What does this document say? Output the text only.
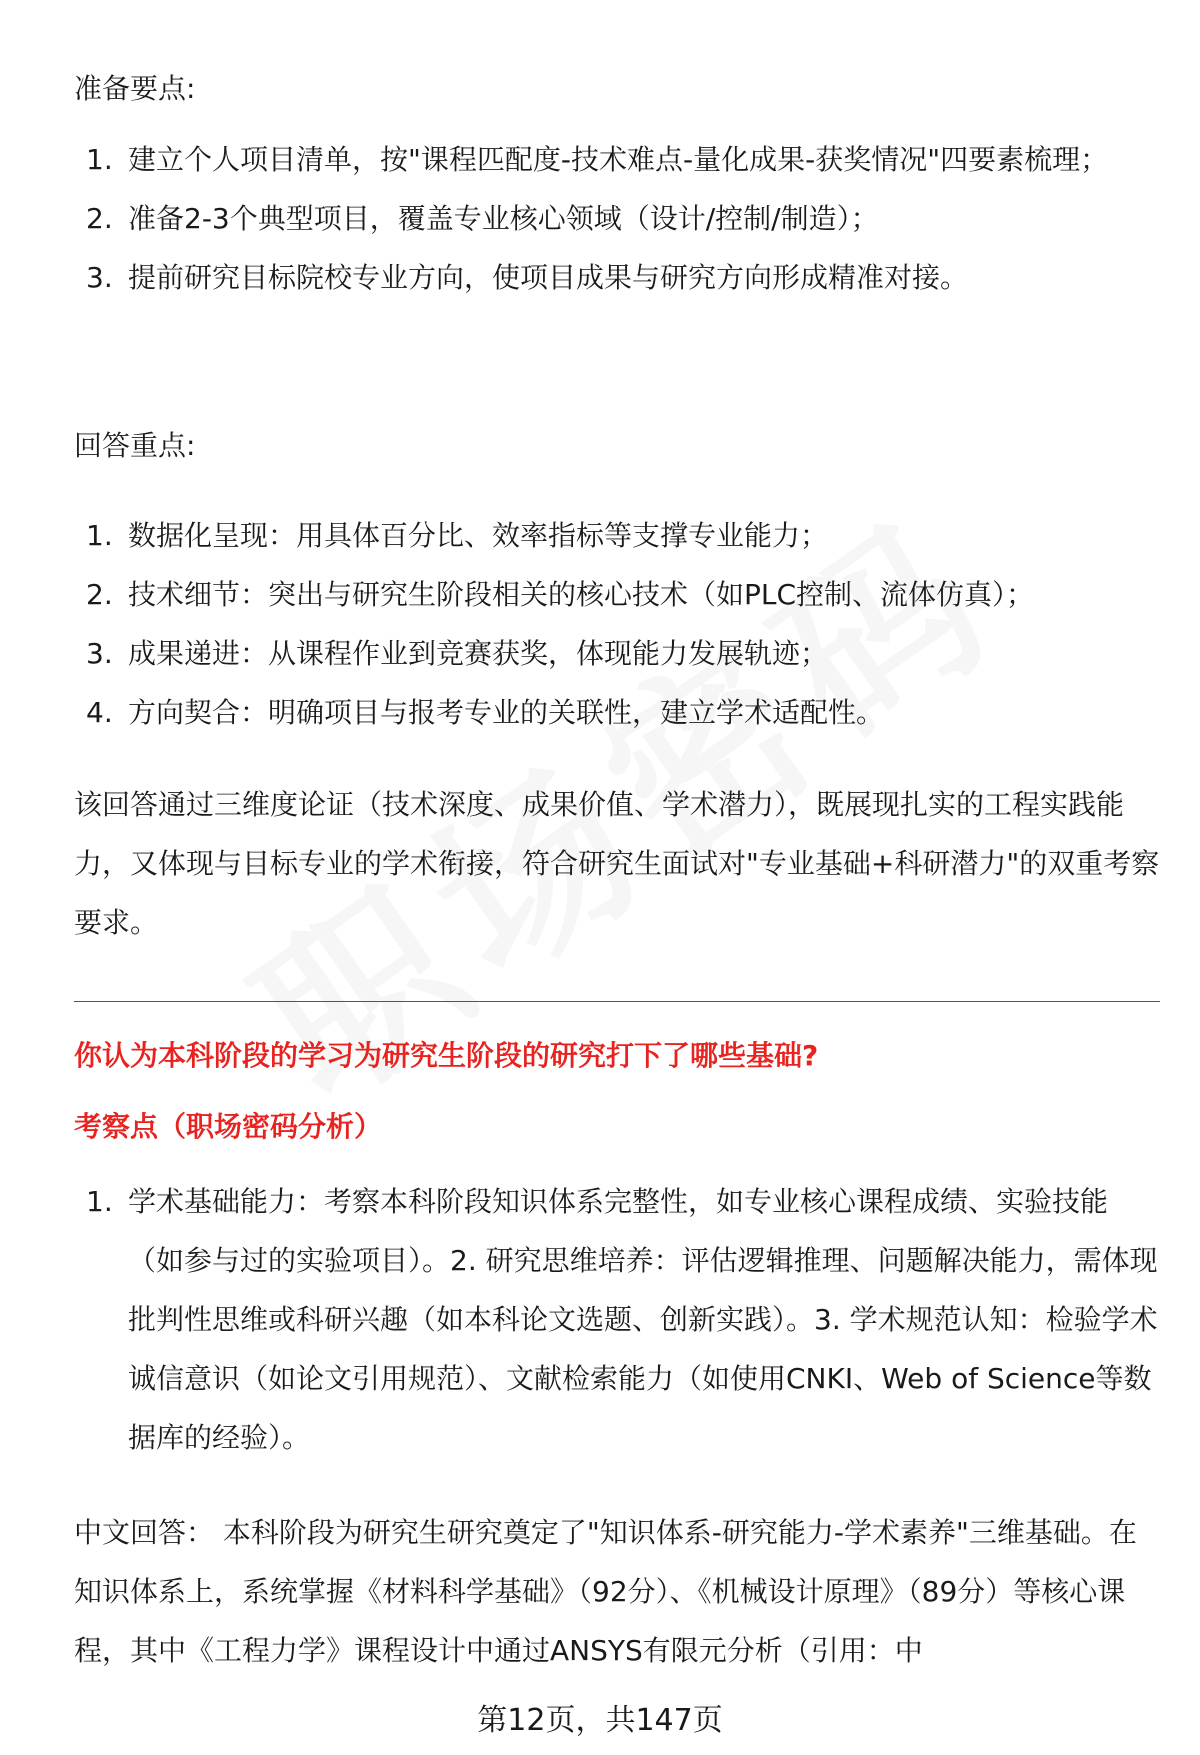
准备要点:
1. 建立个人项目清单，按"课程匹配度-技术难点-量化成果-获奖情况"四要素梳理；
2. 准备2-3个典型项目，覆盖专业核心领域（设计/控制/制造）；
3. 提前研究目标院校专业方向，使项目成果与研究方向形成精准对接。
回答重点:
1. 数据化呈现：用具体百分比、效率指标等支撑专业能力；
2. 技术细节：突出与研究生阶段相关的核心技术（如PLC控制、流体仿真）；
3. 成果递进：从课程作业到竞赛获奖，体现能力发展轨迹；
4. 方向契合：明确项目与报考专业的关联性，建立学术适配性。
该回答通过三维度论证（技术深度、成果价值、学术潜力），既展现扎实的工程实践能力，又体现与目标专业的学术衔接，符合研究生面试对"专业基础+科研潜力"的双重考察要求。
你认为本科阶段的学习为研究生阶段的研究打下了哪些基础?
考察点（职场密码分析）
1. 学术基础能力：考察本科阶段知识体系完整性，如专业核心课程成绩、实验技能（如参与过的实验项目）。2. 研究思维培养：评估逻辑推理、问题解决能力，需体现批判性思维或科研兴趣（如本科论文选题、创新实践）。3. 学术规范认知：检验学术诚信意识（如论文引用规范）、文献检索能力（如使用CNKI、Web of Science等数据库的经验）。
中文回答： 本科阶段为研究生研究奠定了"知识体系-研究能力-学术素养"三维基础。在知识体系上，系统掌握《材料科学基础》（92分）、《机械设计原理》（89分）等核心课程，其中《工程力学》课程设计中通过ANSYS有限元分析（引用：中
第12页，共147页
